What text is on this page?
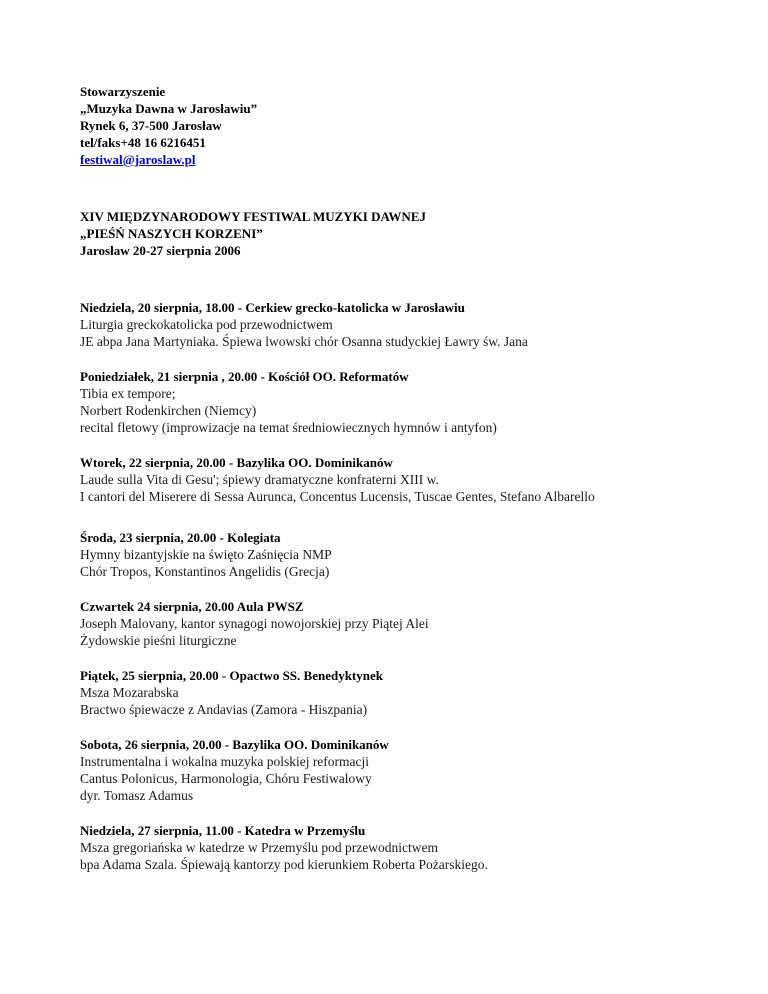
Stowarzyszenie
„Muzyka Dawna w Jarosławiu”
Rynek 6, 37-500 Jarosław
tel/faks+48 16 6216451
festiwal@jaroslaw.pl
XIV MIĘDZYNARODOWY FESTIWAL MUZYKI DAWNEJ
„PIEŚŃ NASZYCH KORZENI”
Jarosław 20-27 sierpnia 2006
Niedziela, 20 sierpnia, 18.00 - Cerkiew grecko-katolicka w Jarosławiu
Liturgia greckokatolicka pod przewodnictwem
JE abpa Jana Martyniaka. Śpiewa lwowski chór Osanna studyckiej Ławry św. Jana
Poniedziałek, 21 sierpnia , 20.00 - Kościół OO. Reformatów
Tibia ex tempore;
Norbert Rodenkirchen (Niemcy)
recital fletowy (improwizacje na temat średniowiecznych hymnów i antyfon)
Wtorek, 22 sierpnia, 20.00 - Bazylika OO. Dominikanów
Laude sulla Vita di Gesu'; śpiewy dramatyczne konfraterni XIII w.
I cantori del Miserere di Sessa Aurunca, Concentus Lucensis, Tuscae Gentes, Stefano Albarello
Środa, 23 sierpnia, 20.00 - Kolegiata
Hymny bizantyjskie na święto Zaśnięcia NMP
Chór Tropos, Konstantinos Angelidis (Grecja)
Czwartek 24 sierpnia, 20.00 Aula PWSZ
Joseph Malovany, kantor synagogi nowojorskiej przy Piątej Alei
Żydowskie pieśni liturgiczne
Piątek, 25 sierpnia, 20.00 - Opactwo SS. Benedyktynek
Msza Mozarabska
Bractwo śpiewacze z Andavias (Zamora - Hiszpania)
Sobota, 26 sierpnia, 20.00 - Bazylika OO. Dominikanów
Instrumentalna i wokalna muzyka polskiej reformacji
Cantus Polonicus, Harmonologia, Chóru Festiwalowy
dyr. Tomasz Adamus
Niedziela, 27 sierpnia, 11.00 - Katedra w Przemyślu
Msza gregoriańska w katedrze w Przemyślu pod przewodnictwem
bpa Adama Szala. Śpiewają kantorzy pod kierunkiem Roberta Pożarskiego.
